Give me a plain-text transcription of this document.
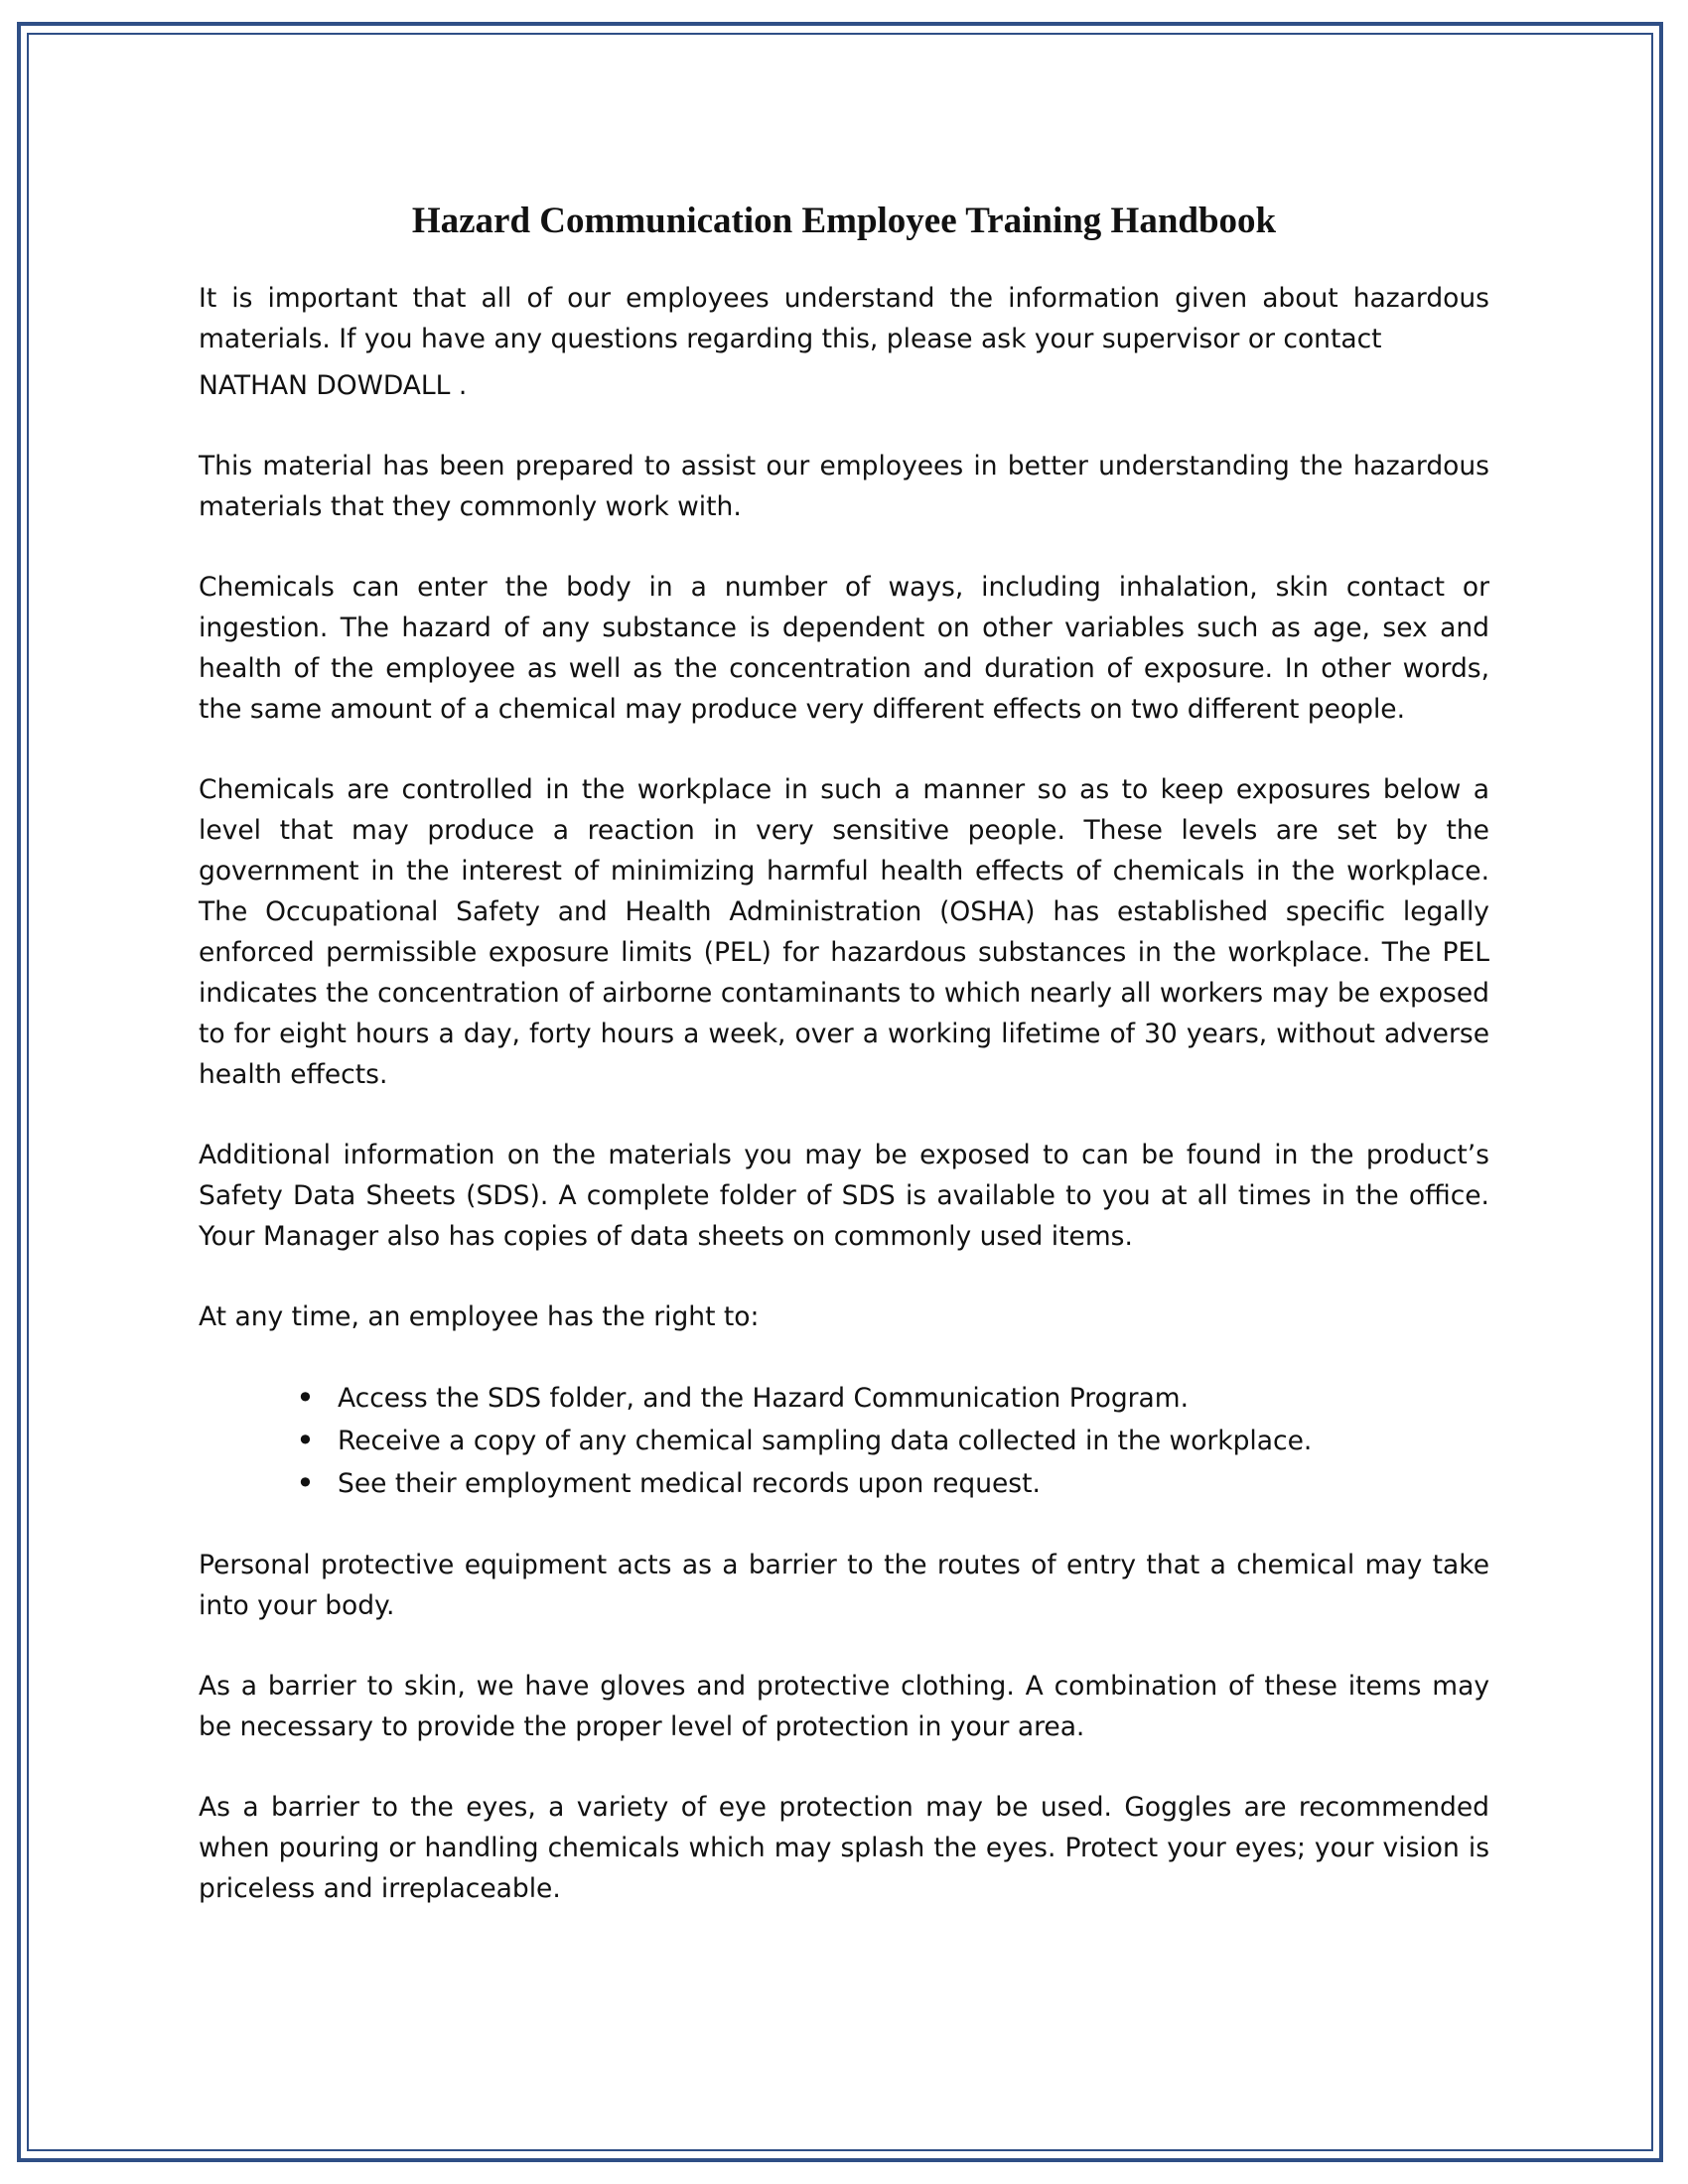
Hazard Communication Employee Training Handbook

It is important that all of our employees understand the information given about hazardous materials. If you have any questions regarding this, please ask your supervisor or contact
NATHAN DOWDALL .

This material has been prepared to assist our employees in better understanding the hazardous materials that they commonly work with.

Chemicals can enter the body in a number of ways, including inhalation, skin contact or ingestion. The hazard of any substance is dependent on other variables such as age, sex and health of the employee as well as the concentration and duration of exposure. In other words, the same amount of a chemical may produce very different effects on two different people.

Chemicals are controlled in the workplace in such a manner so as to keep exposures below a level that may produce a reaction in very sensitive people. These levels are set by the government in the interest of minimizing harmful health effects of chemicals in the workplace. The Occupational Safety and Health Administration (OSHA) has established specific legally enforced permissible exposure limits (PEL) for hazardous substances in the workplace. The PEL indicates the concentration of airborne contaminants to which nearly all workers may be exposed to for eight hours a day, forty hours a week, over a working lifetime of 30 years, without adverse health effects.

Additional information on the materials you may be exposed to can be found in the product’s Safety Data Sheets (SDS). A complete folder of SDS is available to you at all times in the office. Your Manager also has copies of data sheets on commonly used items.

At any time, an employee has the right to:

• Access the SDS folder, and the Hazard Communication Program.
• Receive a copy of any chemical sampling data collected in the workplace.
• See their employment medical records upon request.

Personal protective equipment acts as a barrier to the routes of entry that a chemical may take into your body.

As a barrier to skin, we have gloves and protective clothing. A combination of these items may be necessary to provide the proper level of protection in your area.

As a barrier to the eyes, a variety of eye protection may be used. Goggles are recommended when pouring or handling chemicals which may splash the eyes. Protect your eyes; your vision is priceless and irreplaceable.
